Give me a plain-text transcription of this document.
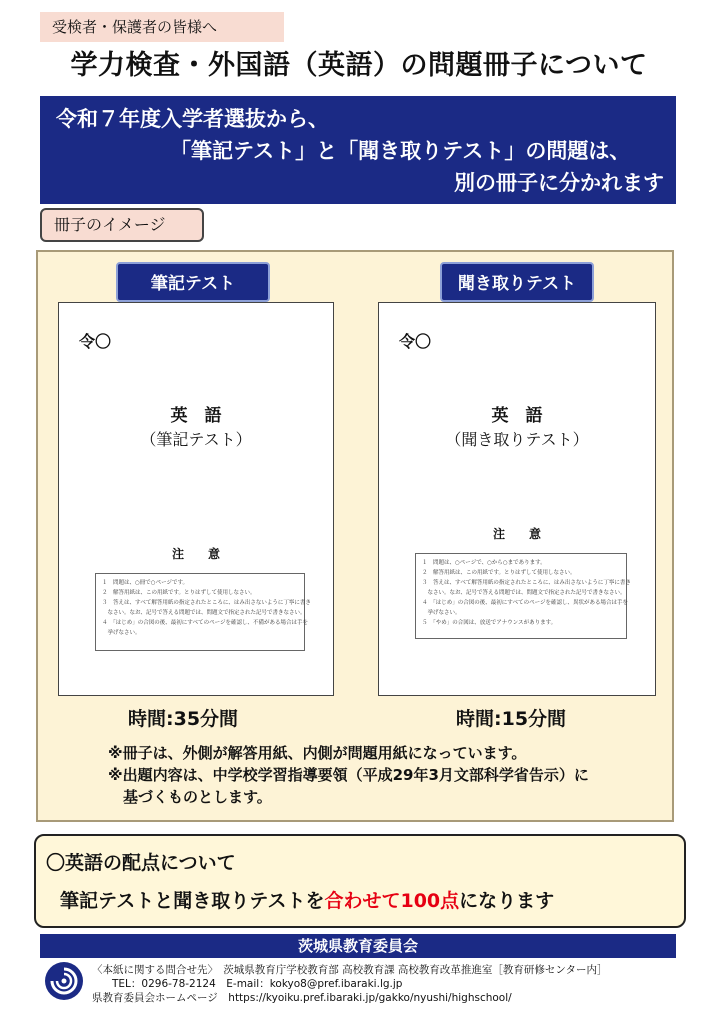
受検者・保護者の皆様へ
学力検査・外国語（英語）の問題冊子について
令和７年度入学者選抜から、
「筆記テスト」と「聞き取りテスト」の問題は、
別の冊子に分かれます
冊子のイメージ
筆記テスト
令〇
英　語
（筆記テスト）
注　　意
１　問題は、○冊で○ページです。
２　解答用紙は、この用紙です。とりはずして使用しなさい。
３　答えは、すべて解答用紙の指定されたところに、はみ出さないように丁寧に書き
　なさい。なお、記号で答える問題では、問題文で指定された記号で書きなさい。
４　「はじめ」の合図の後、最初にすべてのページを確認し、不備がある場合は手を
　挙げなさい。
時間:35分間
聞き取りテスト
令〇
英　語
（聞き取りテスト）
注　　意
１　問題は、○ページで、○から○まであります。
２　解答用紙は、この用紙です。とりはずして使用しなさい。
３　答えは、すべて解答用紙の指定されたところに、はみ出さないように丁寧に書き
　なさい。なお、記号で答える問題では、問題文で指定された記号で書きなさい。
４　「はじめ」の合図の後、最初にすべてのページを確認し、異状がある場合は手を
　挙げなさい。
５　「やめ」の合図は、放送でアナウンスがあります。
時間:15分間
※冊子は、外側が解答用紙、内側が問題用紙になっています。
※出題内容は、中学校学習指導要領（平成29年3月文部科学省告示）に
　基づくものとします。
〇英語の配点について
筆記テストと聞き取りテストを合わせて100点になります
茨城県教育委員会
〈本紙に関する問合せ先〉　茨城県教育庁学校教育部 高校教育課 高校教育改革推進室［教育研修センター内］
TEL：0296-78-2124　E-mail：kokyo8@pref.ibaraki.lg.jp
県教育委員会ホームページ　https://kyoiku.pref.ibaraki.jp/gakko/nyushi/highschool/
